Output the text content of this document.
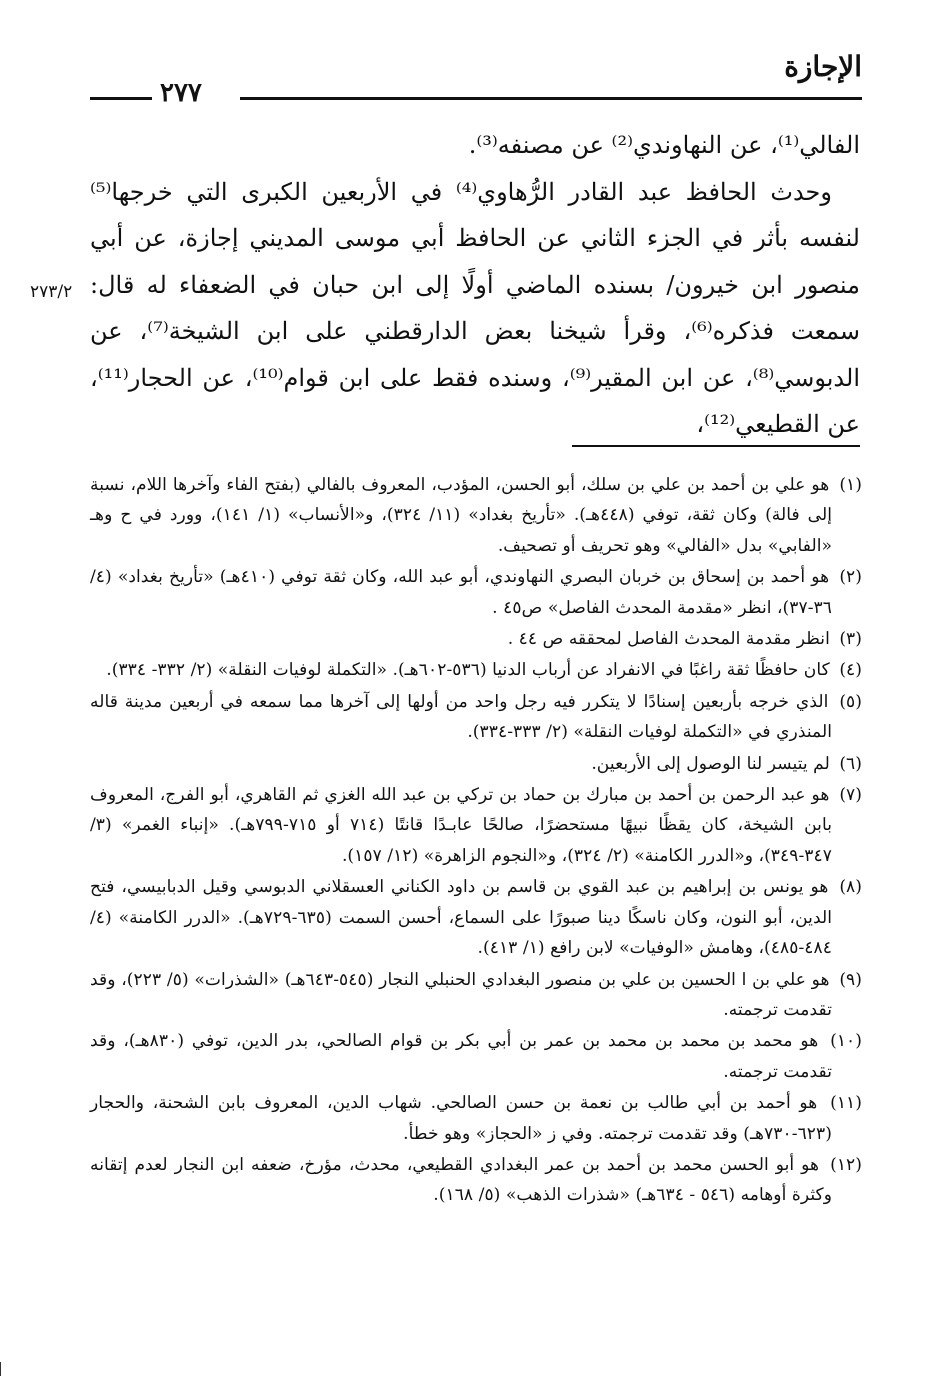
الإجازة
٢٧٧

الفالي⁽¹⁾، عن النهاوندي⁽²⁾ عن مصنفه⁽³⁾.

وحدث الحافظ عبد القادر الرُّهاوي⁽⁴⁾ في الأربعين الكبرى التي خرجها⁽⁵⁾ لنفسه بأثر في الجزء الثاني عن الحافظ أبي موسى المديني إجازة، عن أبي منصور ابن خيرون/ بسنده الماضي أولًا إلى ابن حبان في الضعفاء له قال: سمعت فذكره⁽⁶⁾، وقرأ شيخنا بعض الدارقطني على ابن الشيخة⁽⁷⁾، عن الدبوسي⁽⁸⁾، عن ابن المقير⁽⁹⁾، وسنده فقط على ابن قوام⁽¹⁰⁾، عن الحجار⁽¹¹⁾، عن القطيعي⁽¹²⁾،

٢٧٣/٢

(١) هو علي بن أحمد بن علي بن سلك، أبو الحسن، المؤدب، المعروف بالفالي (بفتح الفاء وآخرها اللام، نسبة إلى فالة) وكان ثقة، توفي (٤٤٨هـ). «تأريخ بغداد» (١١/ ٣٢٤)، و«الأنساب» (١/ ١٤١)، وورد في ح وهـ «الفابي» بدل «الفالي» وهو تحريف أو تصحيف.

(٢) هو أحمد بن إسحاق بن خربان البصري النهاوندي، أبو عبد الله، وكان ثقة توفي (٤١٠هـ) «تأريخ بغداد» (٤/ ٣٦-٣٧)، انظر «مقدمة المحدث الفاصل» ص٤٥ .

(٣) انظر مقدمة المحدث الفاصل لمحققه ص ٤٤ .

(٤) كان حافظًا ثقة راغبًا في الانفراد عن أرباب الدنيا (٥٣٦-٦٠٢هـ). «التكملة لوفيات النقلة» (٢/ ٣٣٢- ٣٣٤).

(٥) الذي خرجه بأربعين إسنادًا لا يتكرر فيه رجل واحد من أولها إلى آخرها مما سمعه في أربعين مدينة قاله المنذري في «التكملة لوفيات النقلة» (٢/ ٣٣٣-٣٣٤).

(٦) لم يتيسر لنا الوصول إلى الأربعين.

(٧) هو عبد الرحمن بن أحمد بن مبارك بن حماد بن تركي بن عبد الله الغزي ثم القاهري، أبو الفرج، المعروف بابن الشيخة، كان يقظًا نبيهًا مستحضرًا، صالحًا عابـدًا قانتًا (٧١٤ أو ٧١٥-٧٩٩هـ). «إنباء الغمر» (٣/ ٣٤٧-٣٤٩)، و«الدرر الكامنة» (٢/ ٣٢٤)، و«النجوم الزاهرة» (١٢/ ١٥٧).

(٨) هو يونس بن إبراهيم بن عبد القوي بن قاسم بن داود الكناني العسقلاني الدبوسي وقيل الدبابيسي، فتح الدين، أبو النون، وكان ناسكًا دينا صبورًا على السماع، أحسن السمت (٦٣٥-٧٢٩هـ). «الدرر الكامنة» (٤/ ٤٨٤-٤٨٥)، وهامش «الوفيات» لابن رافع (١/ ٤١٣).

(٩) هو علي بن ا الحسين بن علي بن منصور البغدادي الحنبلي النجار (٥٤٥-٦٤٣هـ) «الشذرات» (٥/ ٢٢٣)، وقد تقدمت ترجمته.

(١٠) هو محمد بن محمد بن محمد بن عمر بن أبي بكر بن قوام الصالحي، بدر الدين، توفي (٨٣٠هـ)، وقد تقدمت ترجمته.

(١١) هو أحمد بن أبي طالب بن نعمة بن حسن الصالحي. شهاب الدين، المعروف بابن الشحنة، والحجار (٦٢٣-٧٣٠هـ) وقد تقدمت ترجمته. وفي ز «الحجاز» وهو خطأ.

(١٢) هو أبو الحسن محمد بن أحمد بن عمر البغدادي القطيعي، محدث، مؤرخ، ضعفه ابن النجار لعدم إتقانه وكثرة أوهامه (٥٤٦ - ٦٣٤هـ) «شذرات الذهب» (٥/ ١٦٨).
